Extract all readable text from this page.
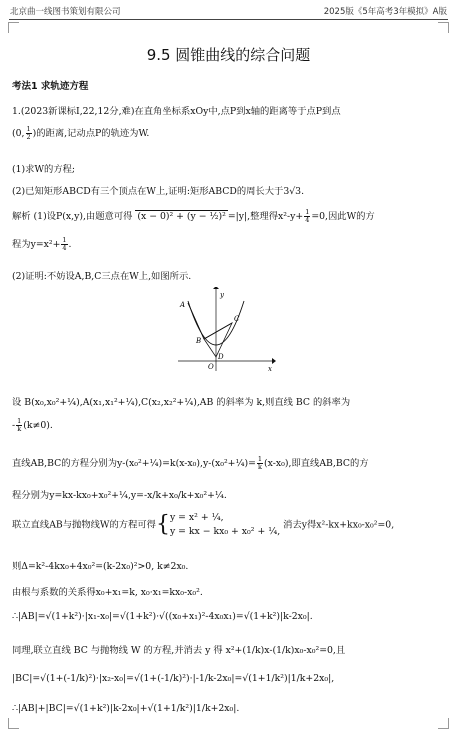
北京曲一线图书策划有限公司	2025版《5年高考3年模拟》A版
9.5 圆锥曲线的综合问题
考法1 求轨迹方程
1.(2023新课标Ⅰ,22,12分,难)在直角坐标系xOy中,点P到x轴的距离等于点P到点
(0, $\frac{1}{2}$ )的距离,记动点P的轨迹为W.
(1)求W的方程;
(2)已知矩形ABCD有三个顶点在W上,证明:矩形ABCD的周长大于3√3.
解析 (1)设P(x,y),由题意可得 (x − 0)² + (y − ½)² =|y|,整理得$x^2-y+ \frac{1}{4} =0$,因此W的方
程为$y=x^2+ \frac{1}{4}$ .
(2)证明:不妨设A,B,C三点在W上,如图所示.
y
A
C
B
D
O	x
设 B(x₀,x₀²+¼),A(x₁,x₁²+¼),C(x₂,x₂²+¼),AB 的斜率为 k,则直线 BC 的斜率为
- $\frac{1}{k} (k\ne 0)$.
直线AB,BC的方程分别为y-(x₀²+¼)=k(x-x₀),y-(x₀²+¼)= $\frac{1}{k} (x-x_0)$,即直线AB,BC的方
程分别为y=kx-kx₀+x₀²+¼,y=-x/k+x₀/k+x₀²+¼.
联立直线AB与抛物线W的方程可得{ y = x² + ¼,
y = kx − kx₀ + x₀² + ¼,
消去y得x²-kx+kx₀-x₀²=0,
则Δ=k²-4kx₀+4x₀²=(k-2x₀)²>0, k≠2x₀.
由根与系数的关系得x₀+x₁=k, x₀·x₁=kx₀-x₀².
∴|AB|=√(1+k²)·|x₁-x₀|=√(1+k²)·√((x₀+x₁)²-4x₀x₁)=√(1+k²)|k-2x₀|.
同理,联立直线 BC 与抛物线 W 的方程,并消去 y 得 x²+(1/k)x-(1/k)x₀-x₀²=0,且
|BC|=√(1+(-1/k)²)·|x₂-x₀|=√(1+(-1/k)²)·|-1/k-2x₀|=√(1+1/k²)|1/k+2x₀|,
∴|AB|+|BC|=√(1+k²)|k-2x₀|+√(1+1/k²)|1/k+2x₀|.
